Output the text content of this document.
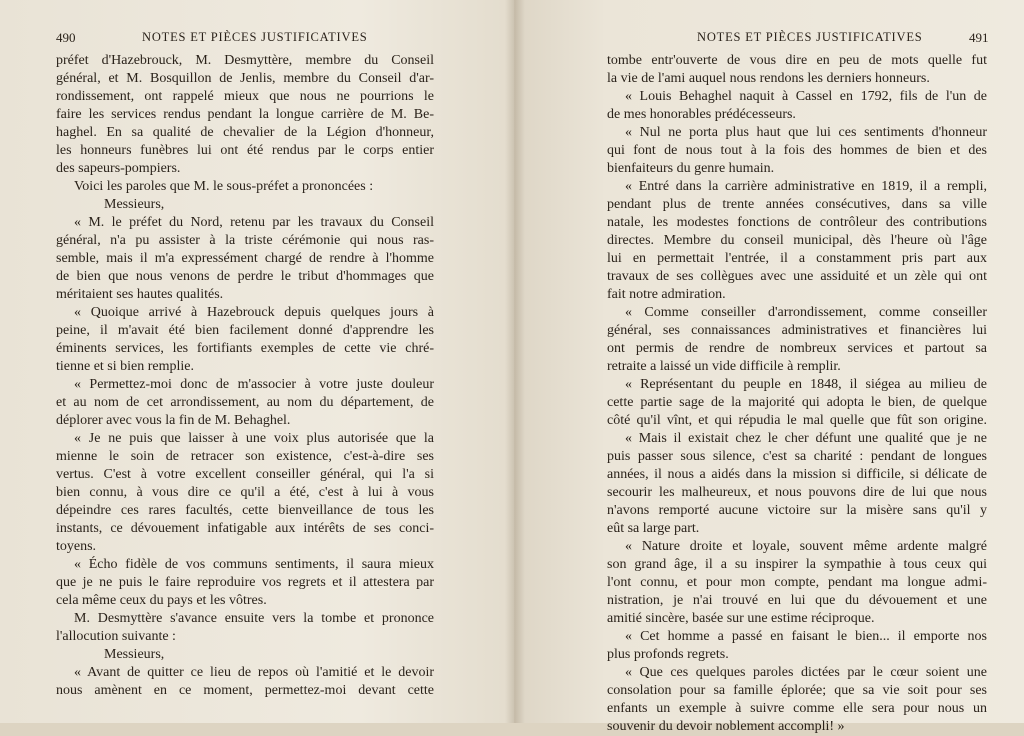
490	NOTES ET PIÈCES JUSTIFICATIVES
préfet d'Hazebrouck, M. Desmyttère, membre du Conseil
général, et M. Bosquillon de Jenlis, membre du Conseil d'ar-
rondissement, ont rappelé mieux que nous ne pourrions le
faire les services rendus pendant la longue carrière de M. Be-
haghel. En sa qualité de chevalier de la Légion d'honneur,
les honneurs funèbres lui ont été rendus par le corps entier
des sapeurs-pompiers.
Voici les paroles que M. le sous-préfet a prononcées :
Messieurs,
« M. le préfet du Nord, retenu par les travaux du Conseil
général, n'a pu assister à la triste cérémonie qui nous ras-
semble, mais il m'a expressément chargé de rendre à l'homme
de bien que nous venons de perdre le tribut d'hommages que
méritaient ses hautes qualités.
« Quoique arrivé à Hazebrouck depuis quelques jours à
peine, il m'avait été bien facilement donné d'apprendre les
éminents services, les fortifiants exemples de cette vie chré-
tienne et si bien remplie.
« Permettez-moi donc de m'associer à votre juste douleur
et au nom de cet arrondissement, au nom du département, de
déplorer avec vous la fin de M. Behaghel.
« Je ne puis que laisser à une voix plus autorisée que la
mienne le soin de retracer son existence, c'est-à-dire ses
vertus. C'est à votre excellent conseiller général, qui l'a si
bien connu, à vous dire ce qu'il a été, c'est à lui à vous
dépeindre ces rares facultés, cette bienveillance de tous les
instants, ce dévouement infatigable aux intérêts de ses conci-
toyens.
« Écho fidèle de vos communs sentiments, il saura mieux
que je ne puis le faire reproduire vos regrets et il attestera par
cela même ceux du pays et les vôtres.
M. Desmyttère s'avance ensuite vers la tombe et prononce
l'allocution suivante :
Messieurs,
« Avant de quitter ce lieu de repos où l'amitié et le devoir
nous amènent en ce moment, permettez-moi devant cette
NOTES ET PIÈCES JUSTIFICATIVES	491
tombe entr'ouverte de vous dire en peu de mots quelle fut
la vie de l'ami auquel nous rendons les derniers honneurs.
« Louis Behaghel naquit à Cassel en 1792, fils de l'un de
de mes honorables prédécesseurs.
« Nul ne porta plus haut que lui ces sentiments d'honneur
qui font de nous tout à la fois des hommes de bien et des
bienfaiteurs du genre humain.
« Entré dans la carrière administrative en 1819, il a rempli,
pendant plus de trente années consécutives, dans sa ville
natale, les modestes fonctions de contrôleur des contributions
directes. Membre du conseil municipal, dès l'heure où l'âge
lui en permettait l'entrée, il a constamment pris part aux
travaux de ses collègues avec une assiduité et un zèle qui ont
fait notre admiration.
« Comme conseiller d'arrondissement, comme conseiller
général, ses connaissances administratives et financières lui
ont permis de rendre de nombreux services et partout sa
retraite a laissé un vide difficile à remplir.
« Représentant du peuple en 1848, il siégea au milieu de
cette partie sage de la majorité qui adopta le bien, de quelque
côté qu'il vînt, et qui répudia le mal quelle que fût son origine.
« Mais il existait chez le cher défunt une qualité que je ne
puis passer sous silence, c'est sa charité : pendant de longues
années, il nous a aidés dans la mission si difficile, si délicate de
secourir les malheureux, et nous pouvons dire de lui que nous
n'avons remporté aucune victoire sur la misère sans qu'il y
eût sa large part.
« Nature droite et loyale, souvent même ardente malgré
son grand âge, il a su inspirer la sympathie à tous ceux qui
l'ont connu, et pour mon compte, pendant ma longue admi-
nistration, je n'ai trouvé en lui que du dévouement et une
amitié sincère, basée sur une estime réciproque.
« Cet homme a passé en faisant le bien... il emporte nos
plus profonds regrets.
« Que ces quelques paroles dictées par le cœur soient une
consolation pour sa famille éplorée; que sa vie soit pour ses
enfants un exemple à suivre comme elle sera pour nous un
souvenir du devoir noblement accompli! »
